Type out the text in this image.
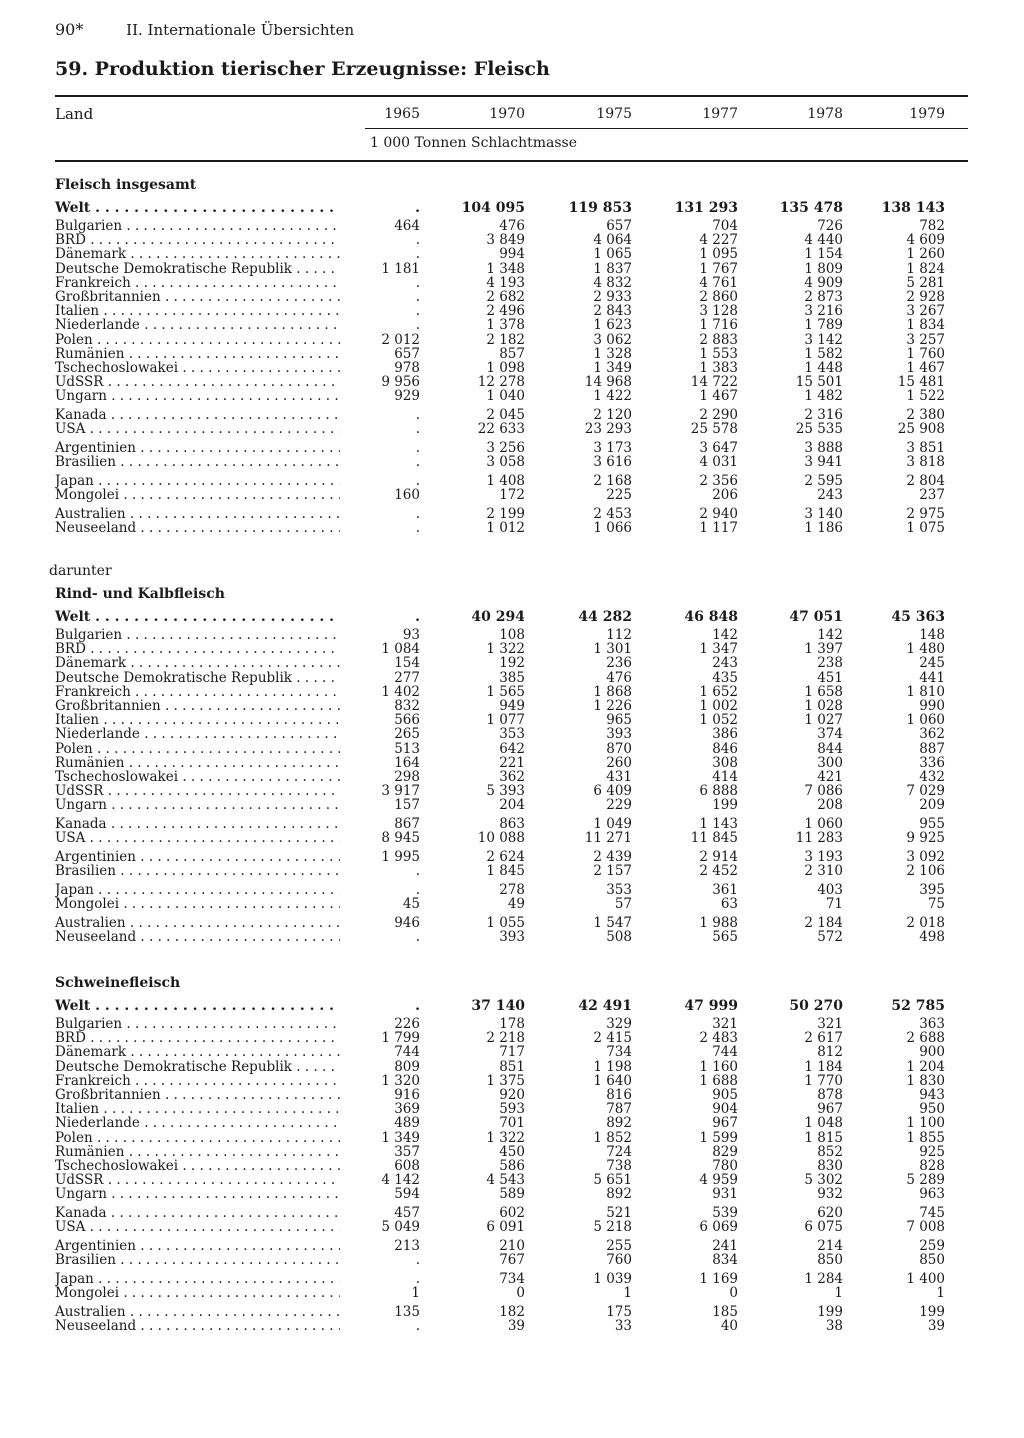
90*	II. Internationale Übersichten
59. Produktion tierischer Erzeugnisse: Fleisch
Land	1965	1970	1975	1977	1978	1979
1 000 Tonnen Schlachtmasse
darunter
Fleisch insgesamt
Welt . . .	.	104 095	119 853	131 293	135 478	138 143
Bulgarien . . .	464	476	657	704	726	782
BRD . . .	.	3 849	4 064	4 227	4 440	4 609
Dänemark . . .	.	994	1 065	1 095	1 154	1 260
Deutsche Demokratische Republik . . .	1 181	1 348	1 837	1 767	1 809	1 824
Frankreich . . .	.	4 193	4 832	4 761	4 909	5 281
Großbritannien . . .	.	2 682	2 933	2 860	2 873	2 928
Italien . . .	.	2 496	2 843	3 128	3 216	3 267
Niederlande . . .	.	1 378	1 623	1 716	1 789	1 834
Polen . . .	2 012	2 182	3 062	2 883	3 142	3 257
Rumänien . . .	657	857	1 328	1 553	1 582	1 760
Tschechoslowakei . . .	978	1 098	1 349	1 383	1 448	1 467
UdSSR . . .	9 956	12 278	14 968	14 722	15 501	15 481
Ungarn . . .	929	1 040	1 422	1 467	1 482	1 522
Kanada . . .	.	2 045	2 120	2 290	2 316	2 380
USA . . .	.	22 633	23 293	25 578	25 535	25 908
Argentinien . . .	.	3 256	3 173	3 647	3 888	3 851
Brasilien . . .	.	3 058	3 616	4 031	3 941	3 818
Japan . . .	.	1 408	2 168	2 356	2 595	2 804
Mongolei . . .	160	172	225	206	243	237
Australien . . .	.	2 199	2 453	2 940	3 140	2 975
Neuseeland . . .	.	1 012	1 066	1 117	1 186	1 075
Rind- und Kalbfleisch
Welt . . .	.	40 294	44 282	46 848	47 051	45 363
Bulgarien . . .	93	108	112	142	142	148
BRD . . .	1 084	1 322	1 301	1 347	1 397	1 480
Dänemark . . .	154	192	236	243	238	245
Deutsche Demokratische Republik . . .	277	385	476	435	451	441
Frankreich . . .	1 402	1 565	1 868	1 652	1 658	1 810
Großbritannien . . .	832	949	1 226	1 002	1 028	990
Italien . . .	566	1 077	965	1 052	1 027	1 060
Niederlande . . .	265	353	393	386	374	362
Polen . . .	513	642	870	846	844	887
Rumänien . . .	164	221	260	308	300	336
Tschechoslowakei . . .	298	362	431	414	421	432
UdSSR . . .	3 917	5 393	6 409	6 888	7 086	7 029
Ungarn . . .	157	204	229	199	208	209
Kanada . . .	867	863	1 049	1 143	1 060	955
USA . . .	8 945	10 088	11 271	11 845	11 283	9 925
Argentinien . . .	1 995	2 624	2 439	2 914	3 193	3 092
Brasilien . . .	.	1 845	2 157	2 452	2 310	2 106
Japan . . .	.	278	353	361	403	395
Mongolei . . .	45	49	57	63	71	75
Australien . . .	946	1 055	1 547	1 988	2 184	2 018
Neuseeland . . .	.	393	508	565	572	498
Schweinefleisch
Welt . . .	.	37 140	42 491	47 999	50 270	52 785
Bulgarien . . .	226	178	329	321	321	363
BRD . . .	1 799	2 218	2 415	2 483	2 617	2 688
Dänemark . . .	744	717	734	744	812	900
Deutsche Demokratische Republik . . .	809	851	1 198	1 160	1 184	1 204
Frankreich . . .	1 320	1 375	1 640	1 688	1 770	1 830
Großbritannien . . .	916	920	816	905	878	943
Italien . . .	369	593	787	904	967	950
Niederlande . . .	489	701	892	967	1 048	1 100
Polen . . .	1 349	1 322	1 852	1 599	1 815	1 855
Rumänien . . .	357	450	724	829	852	925
Tschechoslowakei . . .	608	586	738	780	830	828
UdSSR . . .	4 142	4 543	5 651	4 959	5 302	5 289
Ungarn . . .	594	589	892	931	932	963
Kanada . . .	457	602	521	539	620	745
USA . . .	5 049	6 091	5 218	6 069	6 075	7 008
Argentinien . . .	213	210	255	241	214	259
Brasilien . . .	.	767	760	834	850	850
Japan . . .	.	734	1 039	1 169	1 284	1 400
Mongolei . . .	1	0	1	0	1	1
Australien . . .	135	182	175	185	199	199
Neuseeland . . .	.	39	33	40	38	39
